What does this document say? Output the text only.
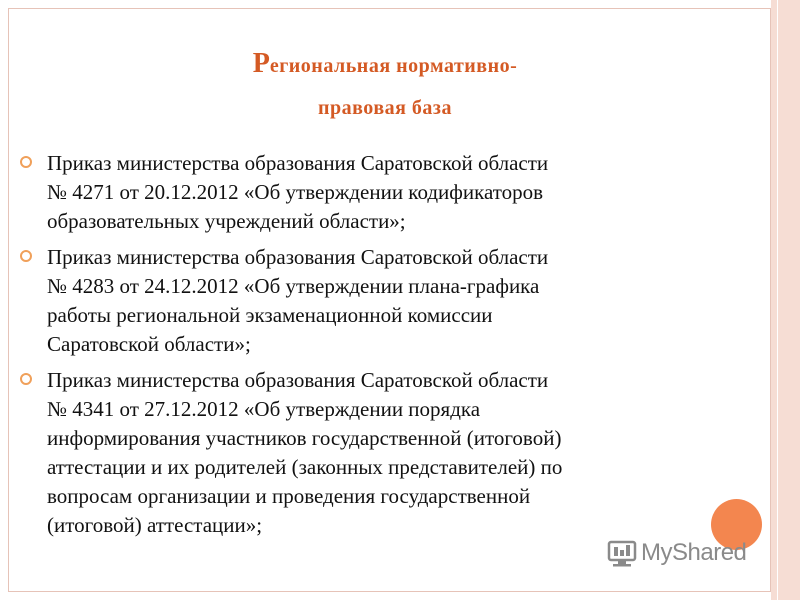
Региональная нормативно-
правовая база
Приказ министерства образования Саратовской области
№ 4271 от 20.12.2012 «Об утверждении кодификаторов
образовательных учреждений области»;
Приказ министерства образования Саратовской области
№ 4283 от 24.12.2012 «Об утверждении плана-графика
работы региональной экзаменационной комиссии
Саратовской области»;
Приказ министерства образования Саратовской области
№ 4341 от 27.12.2012 «Об утверждении порядка
информирования участников государственной (итоговой)
аттестации и их родителей (законных представителей) по
вопросам организации и проведения государственной
(итоговой) аттестации»;
MyShared
